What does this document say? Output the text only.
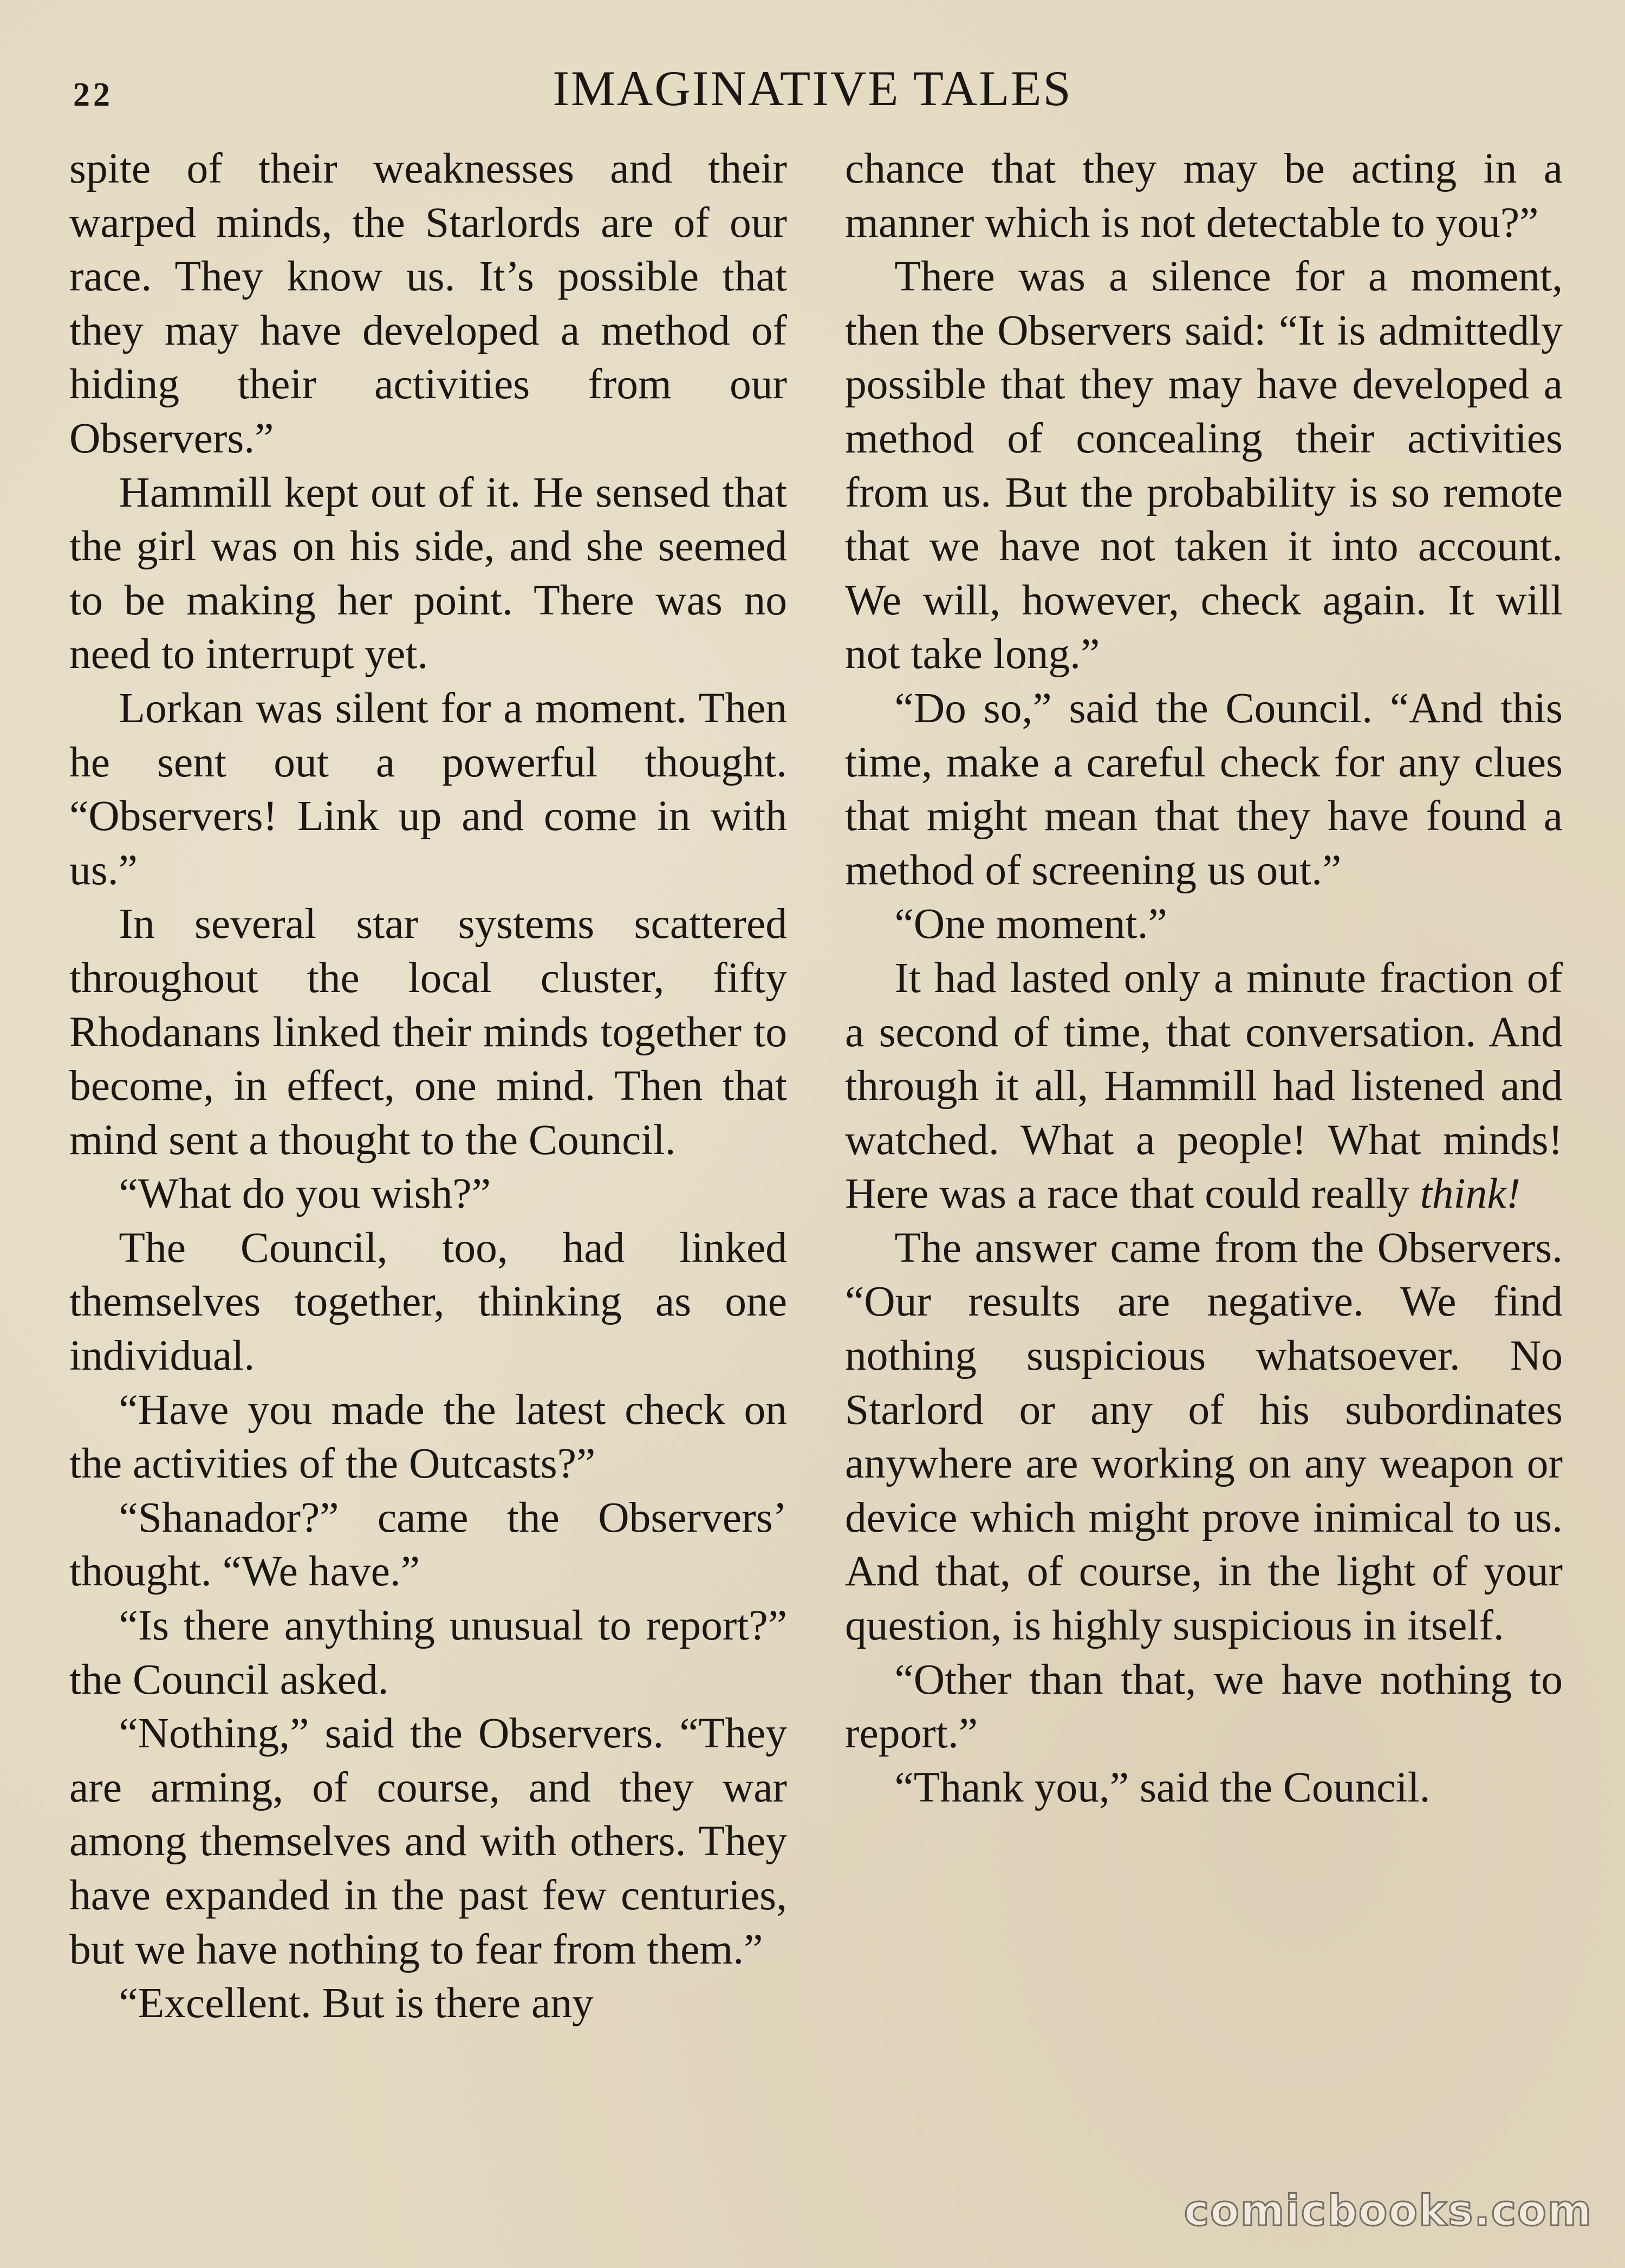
22	IMAGINATIVE TALES

spite of their weaknesses and their warped minds, the Starlords are of our race. They know us. It’s possible that they may have developed a method of hiding their activities from our Observers.”

Hammill kept out of it. He sensed that the girl was on his side, and she seemed to be making her point. There was no need to interrupt yet.

Lorkan was silent for a moment. Then he sent out a powerful thought. “Observers! Link up and come in with us.”

In several star systems scattered throughout the local cluster, fifty Rhodanans linked their minds together to become, in effect, one mind. Then that mind sent a thought to the Council.

“What do you wish?”

The Council, too, had linked themselves together, thinking as one individual.

“Have you made the latest check on the activities of the Outcasts?”

“Shanador?” came the Observers’ thought. “We have.”

“Is there anything unusual to report?” the Council asked.

“Nothing,” said the Observers. “They are arming, of course, and they war among themselves and with others. They have expanded in the past few centuries, but we have nothing to fear from them.”

“Excellent. But is there any

chance that they may be acting in a manner which is not detectable to you?”

There was a silence for a moment, then the Observers said: “It is admittedly possible that they may have developed a method of concealing their activities from us. But the probability is so remote that we have not taken it into account. We will, however, check again. It will not take long.”

“Do so,” said the Council. “And this time, make a careful check for any clues that might mean that they have found a method of screening us out.”

“One moment.”

It had lasted only a minute fraction of a second of time, that conversation. And through it all, Hammill had listened and watched. What a people! What minds! Here was a race that could really think!

The answer came from the Observers. “Our results are negative. We find nothing suspicious whatsoever. No Starlord or any of his subordinates anywhere are working on any weapon or device which might prove inimical to us. And that, of course, in the light of your question, is highly suspicious in itself.

“Other than that, we have nothing to report.”

“Thank you,” said the Council.

comicbooks.com
